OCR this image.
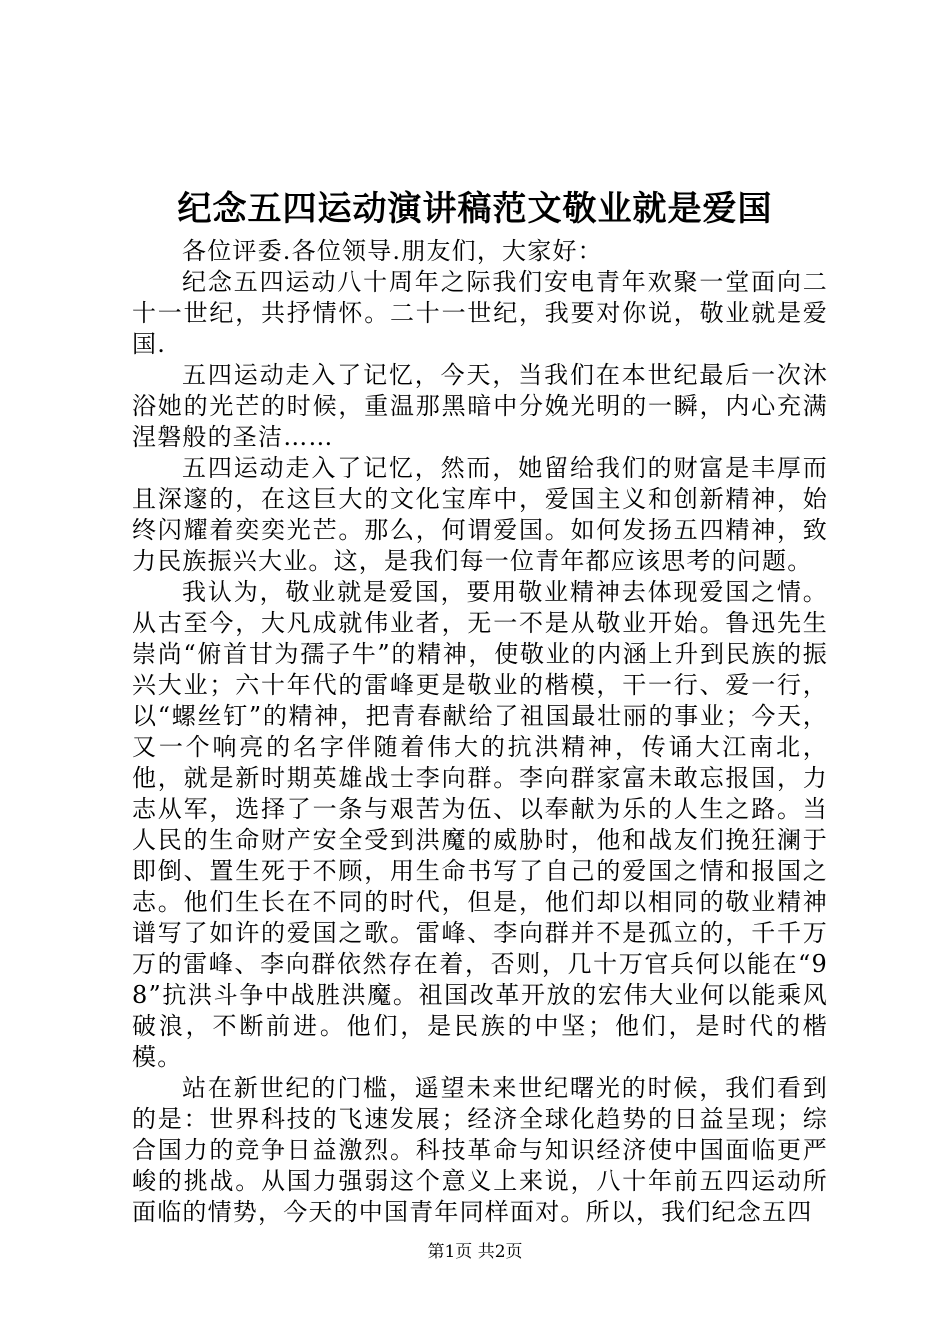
纪念五四运动演讲稿范文敬业就是爱国

各位评委.各位领导.朋友们，大家好：

纪念五四运动八十周年之际我们安电青年欢聚一堂面向二十一世纪，共抒情怀。二十一世纪，我要对你说，敬业就是爱国.

五四运动走入了记忆，今天，当我们在本世纪最后一次沐浴她的光芒的时候，重温那黑暗中分娩光明的一瞬，内心充满涅磐般的圣洁……

五四运动走入了记忆，然而，她留给我们的财富是丰厚而且深邃的，在这巨大的文化宝库中，爱国主义和创新精神，始终闪耀着奕奕光芒。那么，何谓爱国。如何发扬五四精神，致力民族振兴大业。这，是我们每一位青年都应该思考的问题。

我认为，敬业就是爱国，要用敬业精神去体现爱国之情。从古至今，大凡成就伟业者，无一不是从敬业开始。鲁迅先生崇尚“俯首甘为孺子牛”的精神，使敬业的内涵上升到民族的振兴大业；六十年代的雷峰更是敬业的楷模，干一行、爱一行，以“螺丝钉”的精神，把青春献给了祖国最壮丽的事业；今天，又一个响亮的名字伴随着伟大的抗洪精神，传诵大江南北，他，就是新时期英雄战士李向群。李向群家富未敢忘报国，力志从军，选择了一条与艰苦为伍、以奉献为乐的人生之路。当人民的生命财产安全受到洪魔的威胁时，他和战友们挽狂澜于即倒、置生死于不顾，用生命书写了自己的爱国之情和报国之志。他们生长在不同的时代，但是，他们却以相同的敬业精神谱写了如许的爱国之歌。雷峰、李向群并不是孤立的，千千万万的雷峰、李向群依然存在着，否则，几十万官兵何以能在“98”抗洪斗争中战胜洪魔。祖国改革开放的宏伟大业何以能乘风破浪，不断前进。他们，是民族的中坚；他们，是时代的楷模。

站在新世纪的门槛，遥望未来世纪曙光的时候，我们看到的是：世界科技的飞速发展；经济全球化趋势的日益呈现；综合国力的竞争日益激烈。科技革命与知识经济使中国面临更严峻的挑战。从国力强弱这个意义上来说，八十年前五四运动所面临的情势，今天的中国青年同样面对。所以，我们纪念五四

第1页 共2页
